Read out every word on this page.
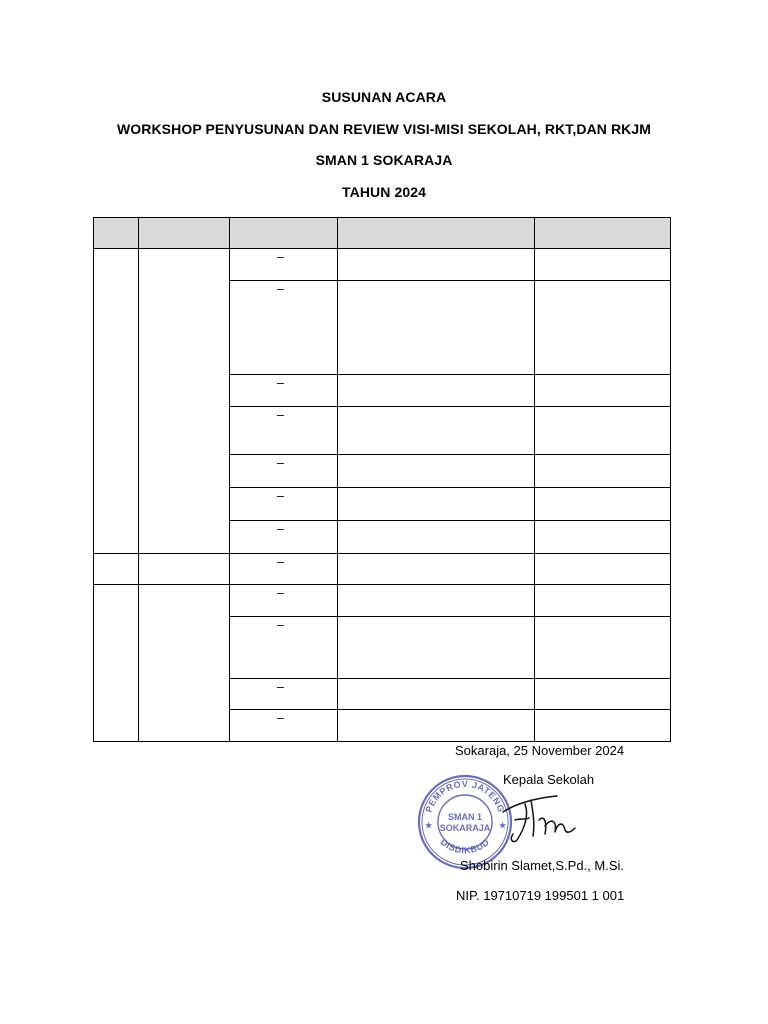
SUSUNAN ACARA
WORKSHOP PENYUSUNAN DAN REVIEW VISI-MISI SEKOLAH, RKT,DAN RKJM
SMAN 1 SOKARAJA
TAHUN 2024

		–		

		–		

		–		

		–		

		–		

		–		

		–		

		–		

		–		

		–		

		–		

		–		

Sokaraja, 25 November 2024
Kepala Sekolah
PEMPROV JATENG
DISDIKBUD
SMAN 1
SOKARAJA
★	★
Shobirin Slamet,S.Pd., M.Si.
NIP. 19710719 199501 1 001
